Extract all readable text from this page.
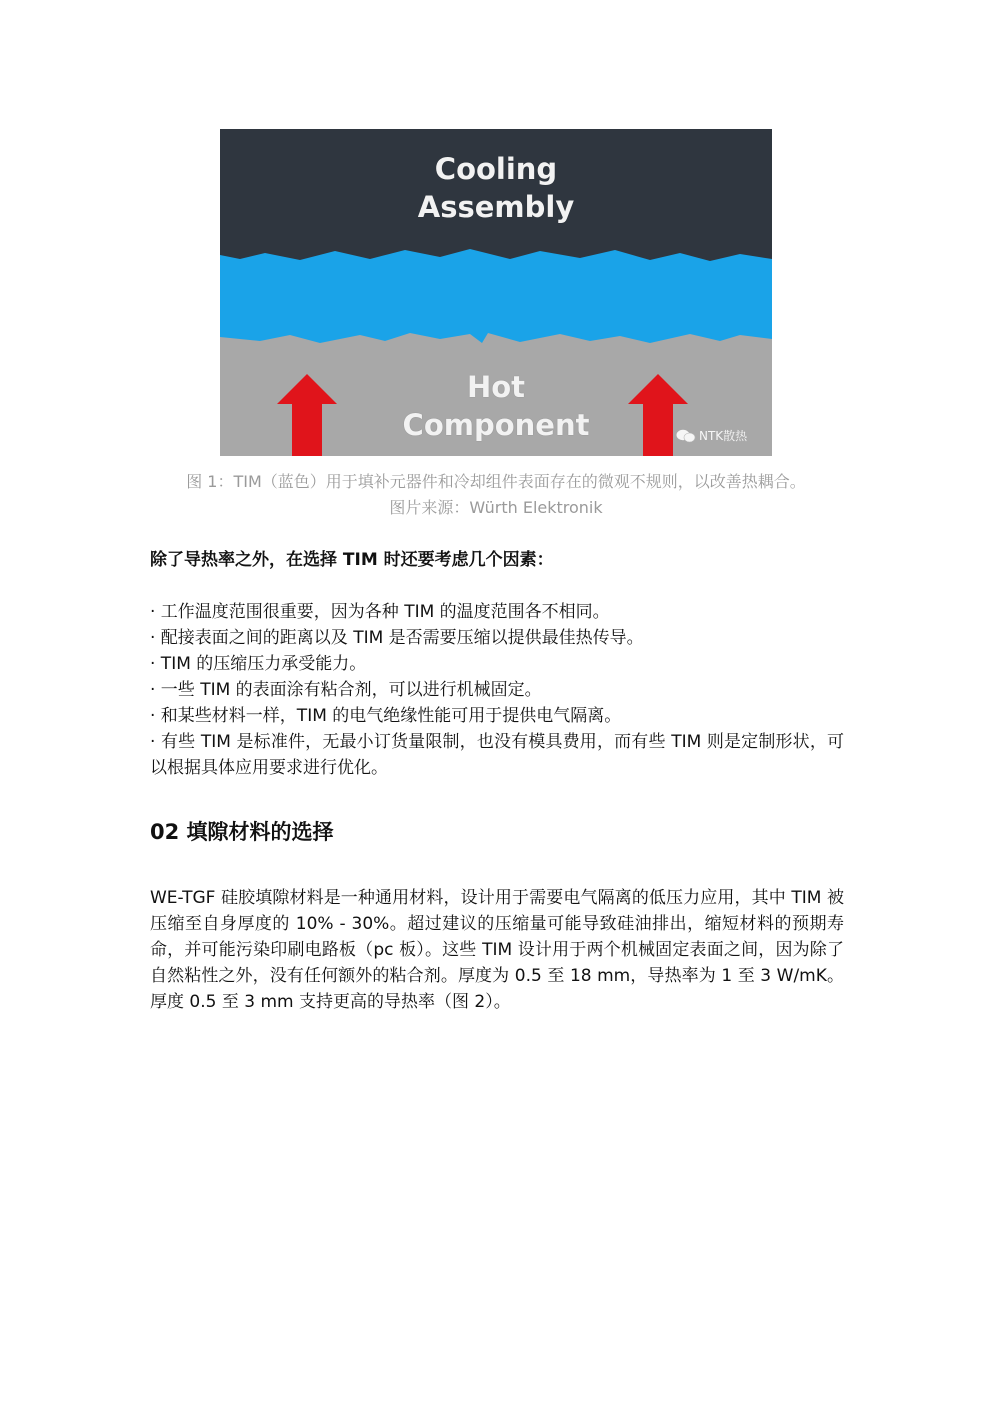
Cooling
Assembly
Hot
Component	NTK散热
图 1：TIM（蓝色）用于填补元器件和冷却组件表面存在的微观不规则，以改善热耦合。
图片来源：Würth Elektronik
除了导热率之外，在选择 TIM 时还要考虑几个因素：
· 工作温度范围很重要，因为各种 TIM 的温度范围各不相同。
· 配接表面之间的距离以及 TIM 是否需要压缩以提供最佳热传导。
· TIM 的压缩压力承受能力。
· 一些 TIM 的表面涂有粘合剂，可以进行机械固定。
· 和某些材料一样，TIM 的电气绝缘性能可用于提供电气隔离。
· 有些 TIM 是标准件，无最小订货量限制，也没有模具费用，而有些 TIM 则是定制形状，可以根据具体应用要求进行优化。
02 填隙材料的选择

WE-TGF 硅胶填隙材料是一种通用材料，设计用于需要电气隔离的低压力应用，其中 TIM 被压缩至自身厚度的 10% - 30%。超过建议的压缩量可能导致硅油排出，缩短材料的预期寿命，并可能污染印刷电路板（pc 板）。这些 TIM 设计用于两个机械固定表面之间，因为除了自然粘性之外，没有任何额外的粘合剂。厚度为 0.5 至 18 mm，导热率为 1 至 3 W/mK。厚度 0.5 至 3 mm 支持更高的导热率（图 2）。
